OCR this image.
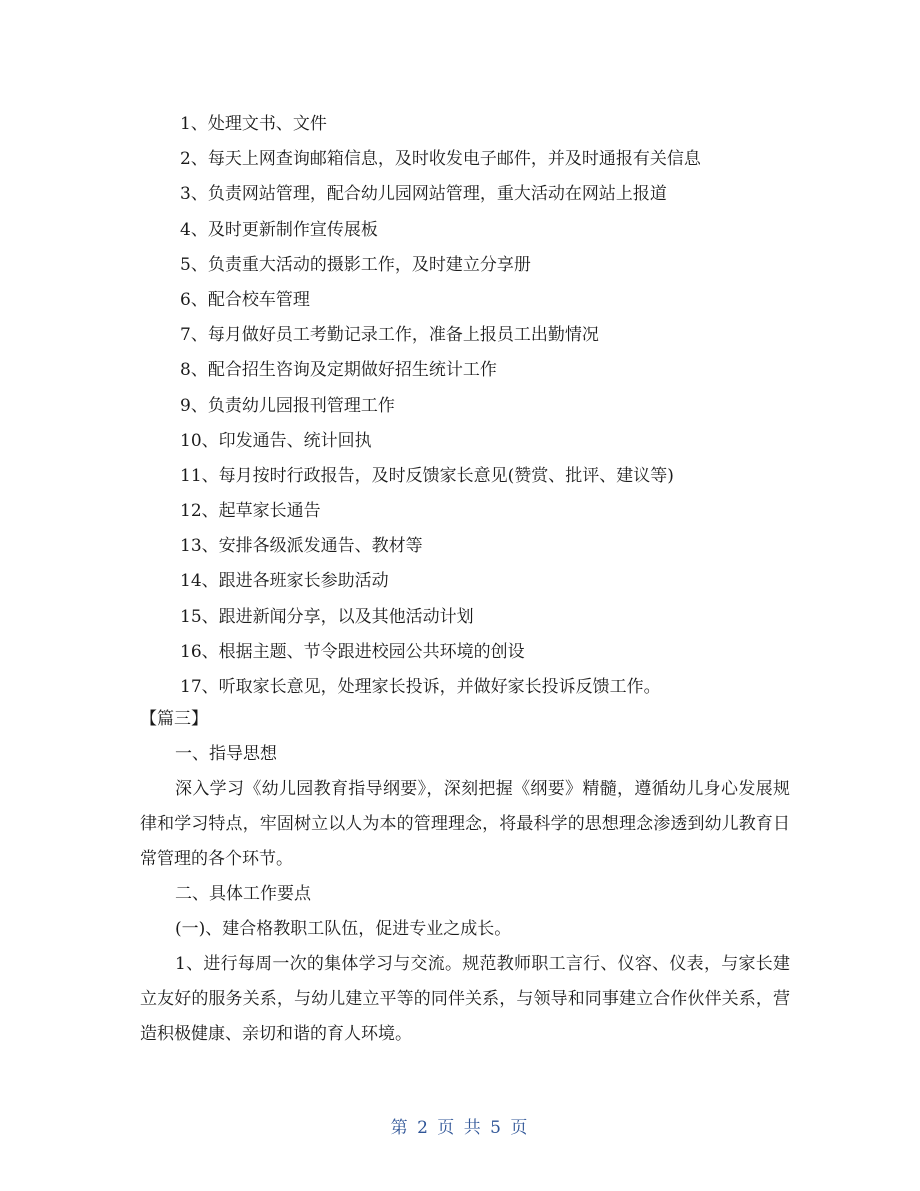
1、处理文书、文件
2、每天上网查询邮箱信息，及时收发电子邮件，并及时通报有关信息
3、负责网站管理，配合幼儿园网站管理，重大活动在网站上报道
4、及时更新制作宣传展板
5、负责重大活动的摄影工作，及时建立分享册
6、配合校车管理
7、每月做好员工考勤记录工作，准备上报员工出勤情况
8、配合招生咨询及定期做好招生统计工作
9、负责幼儿园报刊管理工作
10、印发通告、统计回执
11、每月按时行政报告，及时反馈家长意见(赞赏、批评、建议等)
12、起草家长通告
13、安排各级派发通告、教材等
14、跟进各班家长参助活动
15、跟进新闻分享，以及其他活动计划
16、根据主题、节令跟进校园公共环境的创设
17、听取家长意见，处理家长投诉，并做好家长投诉反馈工作。
【篇三】
一、指导思想

深入学习《幼儿园教育指导纲要》，深刻把握《纲要》精髓，遵循幼儿身心发展规律和学习特点，牢固树立以人为本的管理理念，将最科学的思想理念渗透到幼儿教育日常管理的各个环节。

二、具体工作要点
(一)、建合格教职工队伍，促进专业之成长。

1、进行每周一次的集体学习与交流。规范教师职工言行、仪容、仪表，与家长建立友好的服务关系，与幼儿建立平等的同伴关系，与领导和同事建立合作伙伴关系，营造积极健康、亲切和谐的育人环境。

第 2 页 共 5 页
